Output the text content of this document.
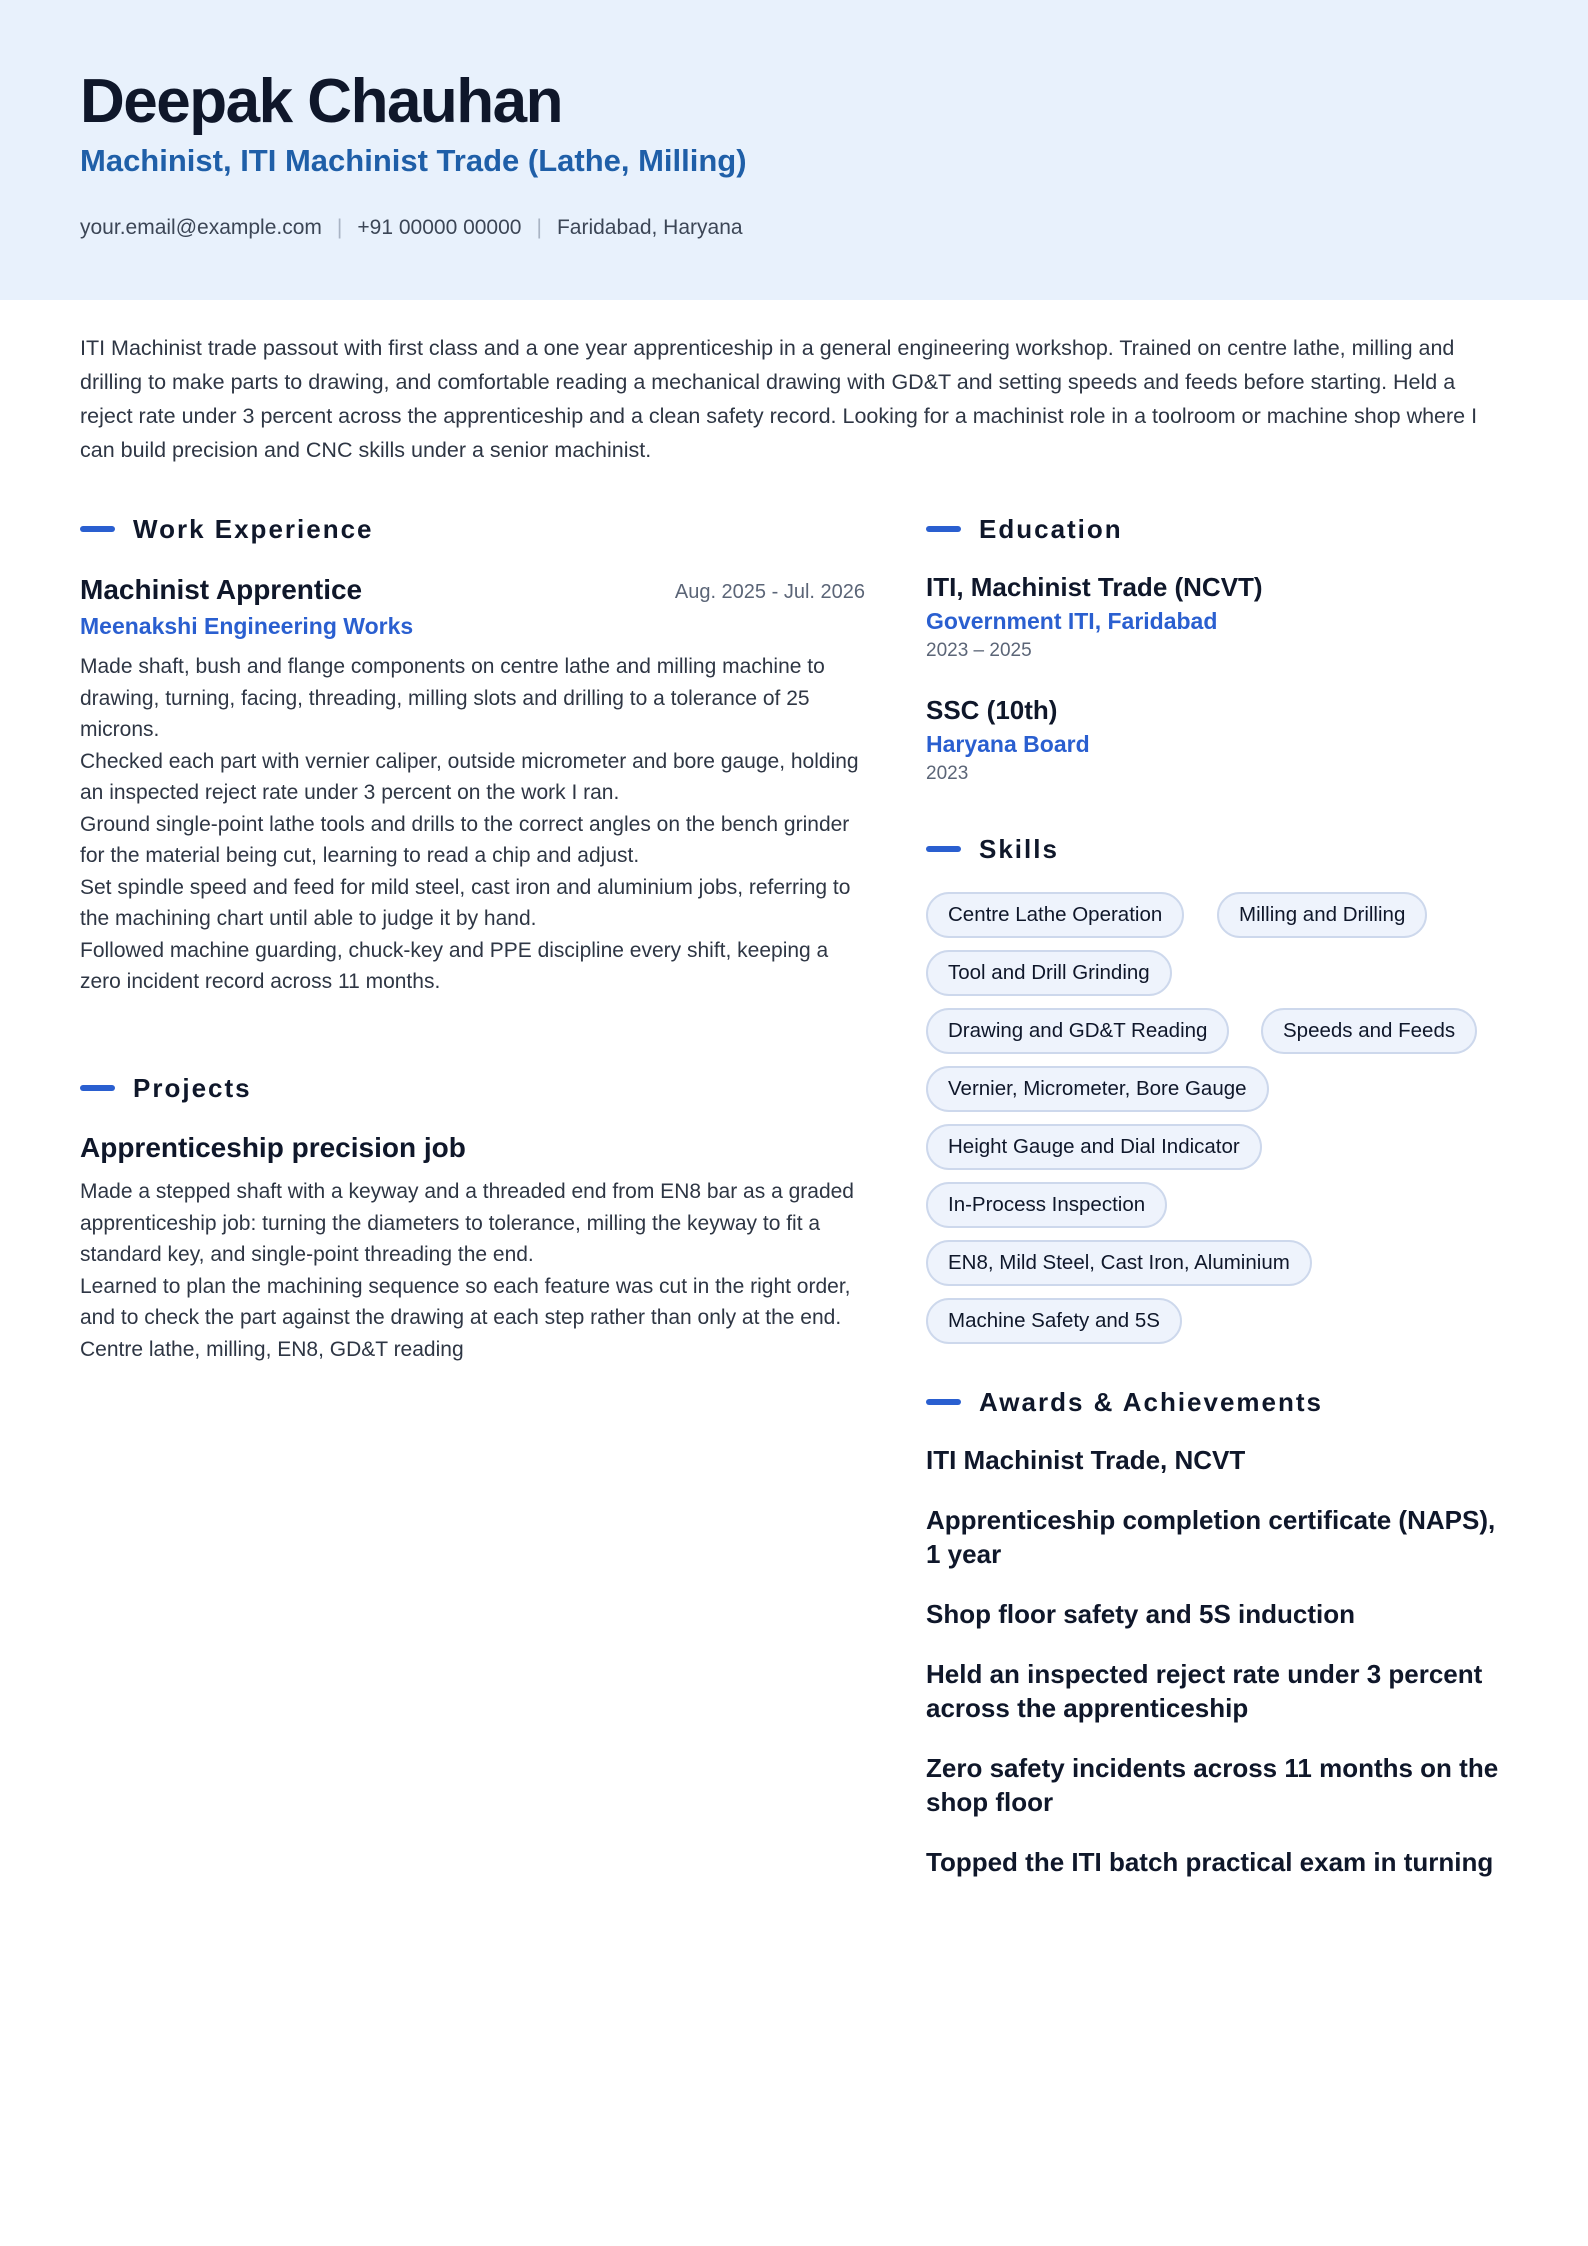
Deepak Chauhan
Machinist, ITI Machinist Trade (Lathe, Milling)
your.email@example.com | +91 00000 00000 | Faridabad, Haryana

ITI Machinist trade passout with first class and a one year apprenticeship in a general engineering workshop. Trained on centre lathe, milling and drilling to make parts to drawing, and comfortable reading a mechanical drawing with GD&T and setting speeds and feeds before starting. Held a reject rate under 3 percent across the apprenticeship and a clean safety record. Looking for a machinist role in a toolroom or machine shop where I can build precision and CNC skills under a senior machinist.

Work Experience
Machinist Apprentice	Aug. 2025 - Jul. 2026
Meenakshi Engineering Works

Made shaft, bush and flange components on centre lathe and milling machine to drawing, turning, facing, threading, milling slots and drilling to a tolerance of 25 microns.

Checked each part with vernier caliper, outside micrometer and bore gauge, holding an inspected reject rate under 3 percent on the work I ran.

Ground single-point lathe tools and drills to the correct angles on the bench grinder for the material being cut, learning to read a chip and adjust.

Set spindle speed and feed for mild steel, cast iron and aluminium jobs, referring to the machining chart until able to judge it by hand.

Followed machine guarding, chuck-key and PPE discipline every shift, keeping a zero incident record across 11 months.

Projects
Apprenticeship precision job

Made a stepped shaft with a keyway and a threaded end from EN8 bar as a graded apprenticeship job: turning the diameters to tolerance, milling the keyway to fit a standard key, and single-point threading the end.

Learned to plan the machining sequence so each feature was cut in the right order, and to check the part against the drawing at each step rather than only at the end.

Centre lathe, milling, EN8, GD&T reading

Education
ITI, Machinist Trade (NCVT)
Government ITI, Faridabad
2023 – 2025
SSC (10th)
Haryana Board
2023
Skills
Centre Lathe Operation	Milling and Drilling
Tool and Drill Grinding
Drawing and GD&T Reading	Speeds and Feeds
Vernier, Micrometer, Bore Gauge
Height Gauge and Dial Indicator
In-Process Inspection
EN8, Mild Steel, Cast Iron, Aluminium
Machine Safety and 5S
Awards & Achievements

ITI Machinist Trade, NCVT

Apprenticeship completion certificate (NAPS), 1 year

Shop floor safety and 5S induction

Held an inspected reject rate under 3 percent across the apprenticeship

Zero safety incidents across 11 months on the shop floor

Topped the ITI batch practical exam in turning
